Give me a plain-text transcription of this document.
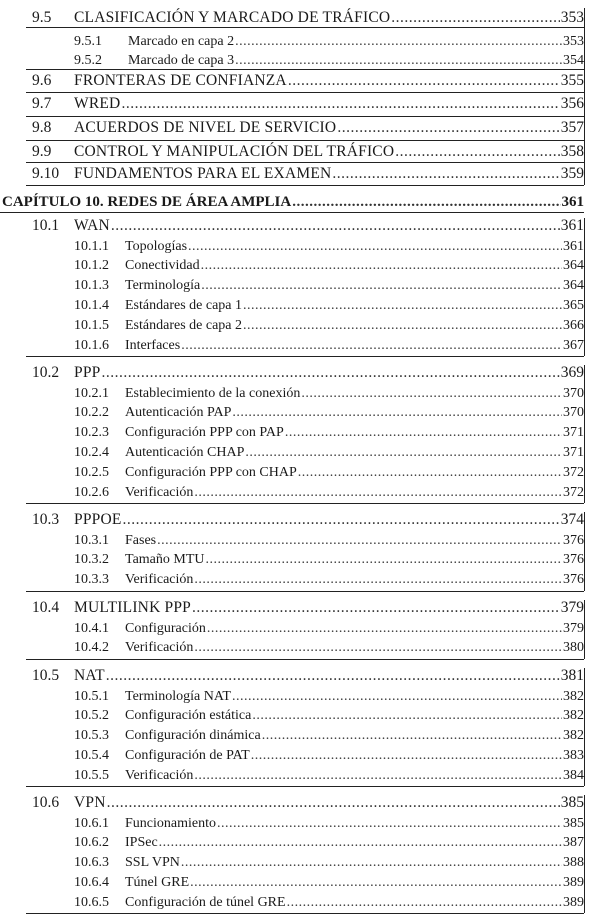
9.5 CLASIFICACIÓN Y MARCADO DE TRÁFICO .....	353
9.5.1 Marcado en capa 2 .....	353
9.5.2 Marcado de capa 3 .....	354
9.6 FRONTERAS DE CONFIANZA .....	355
9.7 WRED .....	356
9.8 ACUERDOS DE NIVEL DE SERVICIO .....	357
9.9 CONTROL Y MANIPULACIÓN DEL TRÁFICO .....	358
9.10 FUNDAMENTOS PARA EL EXAMEN .....	359
CAPÍTULO 10. REDES DE ÁREA AMPLIA .....	361
10.1 WAN .....	361
10.1.1 Topologías .....	361
10.1.2 Conectividad .....	364
10.1.3 Terminología .....	364
10.1.4 Estándares de capa 1 .....	365
10.1.5 Estándares de capa 2 .....	366
10.1.6 Interfaces .....	367
10.2 PPP .....	369
10.2.1 Establecimiento de la conexión .....	370
10.2.2 Autenticación PAP .....	370
10.2.3 Configuración PPP con PAP .....	371
10.2.4 Autenticación CHAP .....	371
10.2.5 Configuración PPP con CHAP .....	372
10.2.6 Verificación .....	372
10.3 PPPOE .....	374
10.3.1 Fases .....	376
10.3.2 Tamaño MTU .....	376
10.3.3 Verificación .....	376
10.4 MULTILINK PPP .....	379
10.4.1 Configuración .....	379
10.4.2 Verificación .....	380
10.5 NAT .....	381
10.5.1 Terminología NAT .....	382
10.5.2 Configuración estática .....	382
10.5.3 Configuración dinámica .....	382
10.5.4 Configuración de PAT .....	383
10.5.5 Verificación .....	384
10.6 VPN .....	385
10.6.1 Funcionamiento .....	385
10.6.2 IPSec .....	387
10.6.3 SSL VPN .....	388
10.6.4 Túnel GRE .....	389
10.6.5 Configuración de túnel GRE .....	389
